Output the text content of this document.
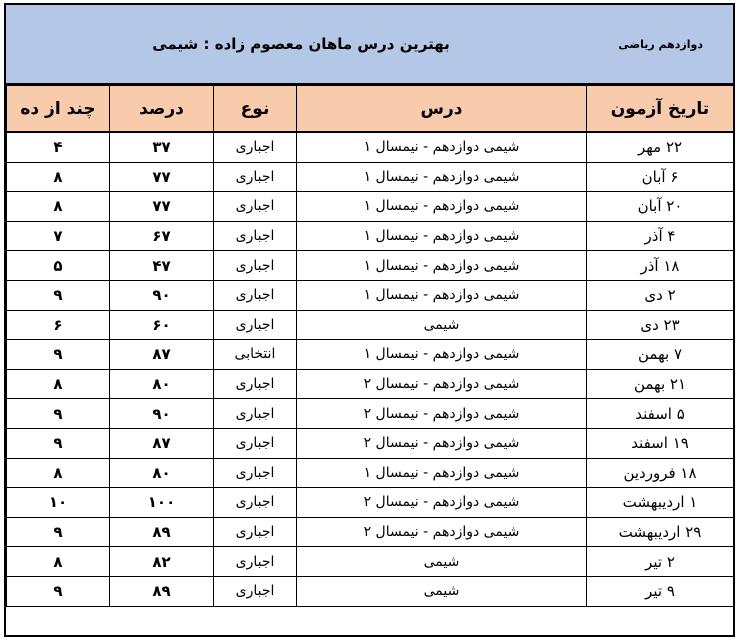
بهترین درس ماهان معصوم زاده : شیمی	دوازدهم ریاضی
تاریخ آزمون	درس	نوع	درصد	چند از ده
۲۲ مهر	شیمی دوازدهم - نیمسال ۱	اجباری	۳۷	۴
۶ آبان	شیمی دوازدهم - نیمسال ۱	اجباری	۷۷	۸
۲۰ آبان	شیمی دوازدهم - نیمسال ۱	اجباری	۷۷	۸
۴ آذر	شیمی دوازدهم - نیمسال ۱	اجباری	۶۷	۷
۱۸ آذر	شیمی دوازدهم - نیمسال ۱	اجباری	۴۷	۵
۲ دی	شیمی دوازدهم - نیمسال ۱	اجباری	۹۰	۹
۲۳ دی	شیمی	اجباری	۶۰	۶
۷ بهمن	شیمی دوازدهم - نیمسال ۱	انتخابی	۸۷	۹
۲۱ بهمن	شیمی دوازدهم - نیمسال ۲	اجباری	۸۰	۸
۵ اسفند	شیمی دوازدهم - نیمسال ۲	اجباری	۹۰	۹
۱۹ اسفند	شیمی دوازدهم - نیمسال ۲	اجباری	۸۷	۹
۱۸ فروردین	شیمی دوازدهم - نیمسال ۱	اجباری	۸۰	۸
۱ اردیبهشت	شیمی دوازدهم - نیمسال ۲	اجباری	۱۰۰	۱۰
۲۹ اردیبهشت	شیمی دوازدهم - نیمسال ۲	اجباری	۸۹	۹
۲ تیر	شیمی	اجباری	۸۲	۸
۹ تیر	شیمی	اجباری	۸۹	۹
